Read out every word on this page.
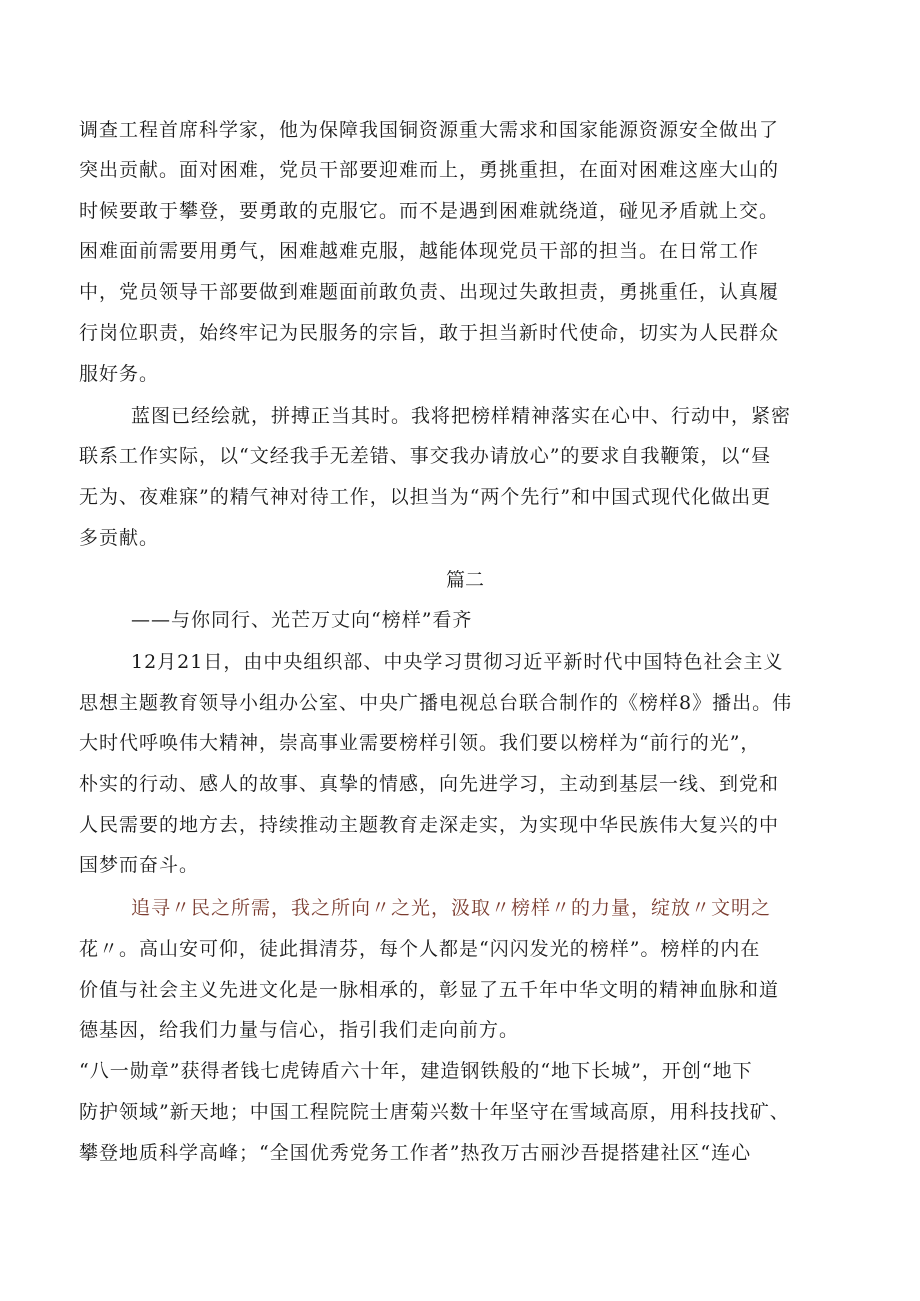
调查工程首席科学家，他为保障我国铜资源重大需求和国家能源资源安全做出了
突出贡献。面对困难，党员干部要迎难而上，勇挑重担，在面对困难这座大山的
时候要敢于攀登，要勇敢的克服它。而不是遇到困难就绕道，碰见矛盾就上交。
困难面前需要用勇气，困难越难克服，越能体现党员干部的担当。在日常工作
中，党员领导干部要做到难题面前敢负责、出现过失敢担责，勇挑重任，认真履
行岗位职责，始终牢记为民服务的宗旨，敢于担当新时代使命，切实为人民群众
服好务。
蓝图已经绘就，拼搏正当其时。我将把榜样精神落实在心中、行动中，紧密
联系工作实际，以“文经我手无差错、事交我办请放心”的要求自我鞭策，以“昼
无为、夜难寐”的精气神对待工作，以担当为“两个先行”和中国式现代化做出更
多贡献。
篇二
——与你同行、光芒万丈向“榜样”看齐
12月21日，由中央组织部、中央学习贯彻习近平新时代中国特色社会主义
思想主题教育领导小组办公室、中央广播电视总台联合制作的《榜样8》播出。伟
大时代呼唤伟大精神，崇高事业需要榜样引领。我们要以榜样为“前行的光”，
朴实的行动、感人的故事、真挚的情感，向先进学习，主动到基层一线、到党和
人民需要的地方去，持续推动主题教育走深走实，为实现中华民族伟大复兴的中
国梦而奋斗。
追寻〃民之所需，我之所向〃之光，汲取〃榜样〃的力量，绽放〃文明之
花〃。高山安可仰，徒此揖清芬，每个人都是“闪闪发光的榜样”。榜样的内在
价值与社会主义先进文化是一脉相承的，彰显了五千年中华文明的精神血脉和道
德基因，给我们力量与信心，指引我们走向前方。
“八一勋章”获得者钱七虎铸盾六十年，建造钢铁般的“地下长城”，开创“地下
防护领域”新天地；中国工程院院士唐菊兴数十年坚守在雪域高原，用科技找矿、
攀登地质科学高峰；“全国优秀党务工作者”热孜万古丽沙吾提搭建社区“连心
